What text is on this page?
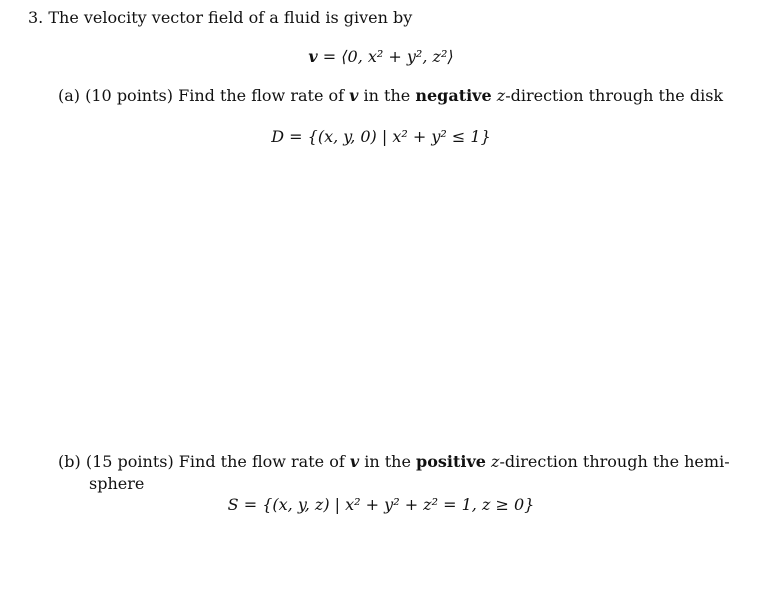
3. The velocity vector field of a fluid is given by
v = ⟨0, x² + y², z²⟩
(a) (10 points) Find the flow rate of v in the negative z-direction through the disk
D = {(x, y, 0) | x² + y² ≤ 1}
(b) (15 points) Find the flow rate of v in the positive z-direction through the hemi-
sphere
S = {(x, y, z) | x² + y² + z² = 1, z ≥ 0}
